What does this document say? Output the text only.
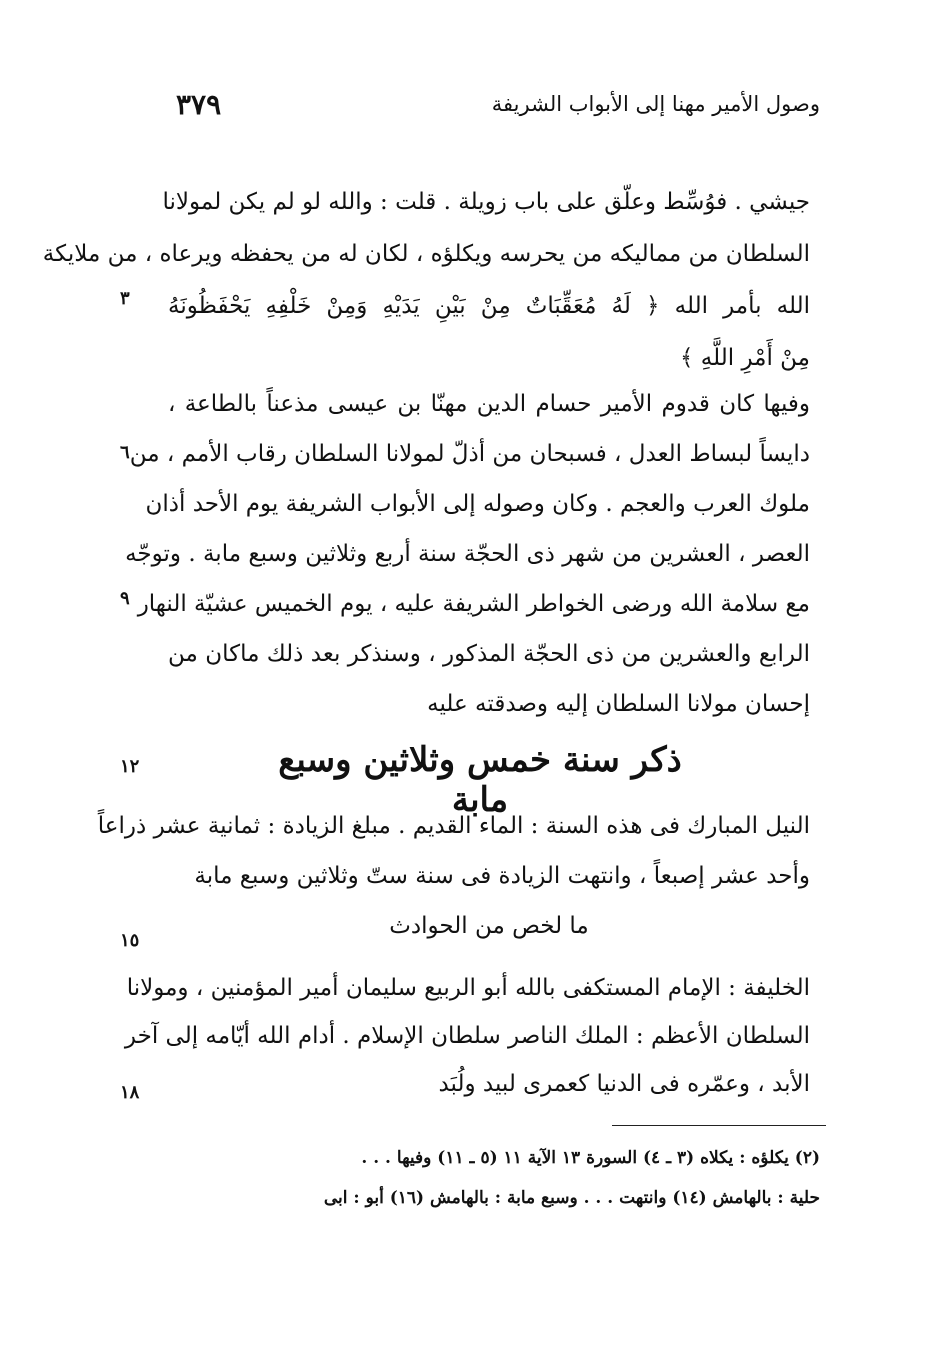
٣٧٩	وصول الأمير مهنا إلى الأبواب الشريفة
جيشي . فوُسِّط وعلّق على باب زويلة . قلت : والله لو لم يكن لمولانا
السلطان من مماليكه من يحرسه ويكلؤه ، لكان له من يحفظه ويرعاه ، من ملايكة
الله بأمر الله ﴿ لَهُ مُعَقِّبَاتٌ مِنْ بَيْنِ يَدَيْهِ وَمِنْ خَلْفِهِ يَحْفَظُونَهُ
مِنْ أَمْرِ اللَّهِ ﴾
وفيها كان قدوم الأمير حسام الدين مهنّا بن عيسى مذعناً بالطاعة ،
دايساً لبساط العدل ، فسبحان من أذلّ لمولانا السلطان رقاب الأمم ، من
ملوك العرب والعجم . وكان وصوله إلى الأبواب الشريفة يوم الأحد أذان
العصر ، العشرين من شهر ذى الحجّة سنة أربع وثلاثين وسبع مابة . وتوجّه
مع سلامة الله ورضى الخواطر الشريفة عليه ، يوم الخميس عشيّة النهار
الرابع والعشرين من ذى الحجّة المذكور ، وسنذكر بعد ذلك ماكان من
إحسان مولانا السلطان إليه وصدقته عليه
ذكر سنة خمس وثلاثين وسبع مابة
النيل المبارك فى هذه السنة : الماء القديم . مبلغ الزيادة : ثمانية عشر ذراعاً
وأحد عشر إصبعاً ، وانتهت الزيادة فى سنة ستّ وثلاثين وسبع مابة
ما لخص من الحوادث
الخليفة : الإمام المستكفى بالله أبو الربيع سليمان أمير المؤمنين ، ومولانا
السلطان الأعظم : الملك الناصر سلطان الإسلام . أدام الله أيّامه إلى آخر
الأبد ، وعمّره فى الدنيا كعمرى لبيد ولُبَد
٣
٦
٩
١٢
١٥
١٨
(٢) يكلؤه : يكلاه (٣ ـ ٤) السورة ١٣ الآية ١١ (٥ ـ ١١) وفيها . . .
حلية : بالهامش (١٤) وانتهت . . . وسبع مابة : بالهامش (١٦) أبو : ابى
